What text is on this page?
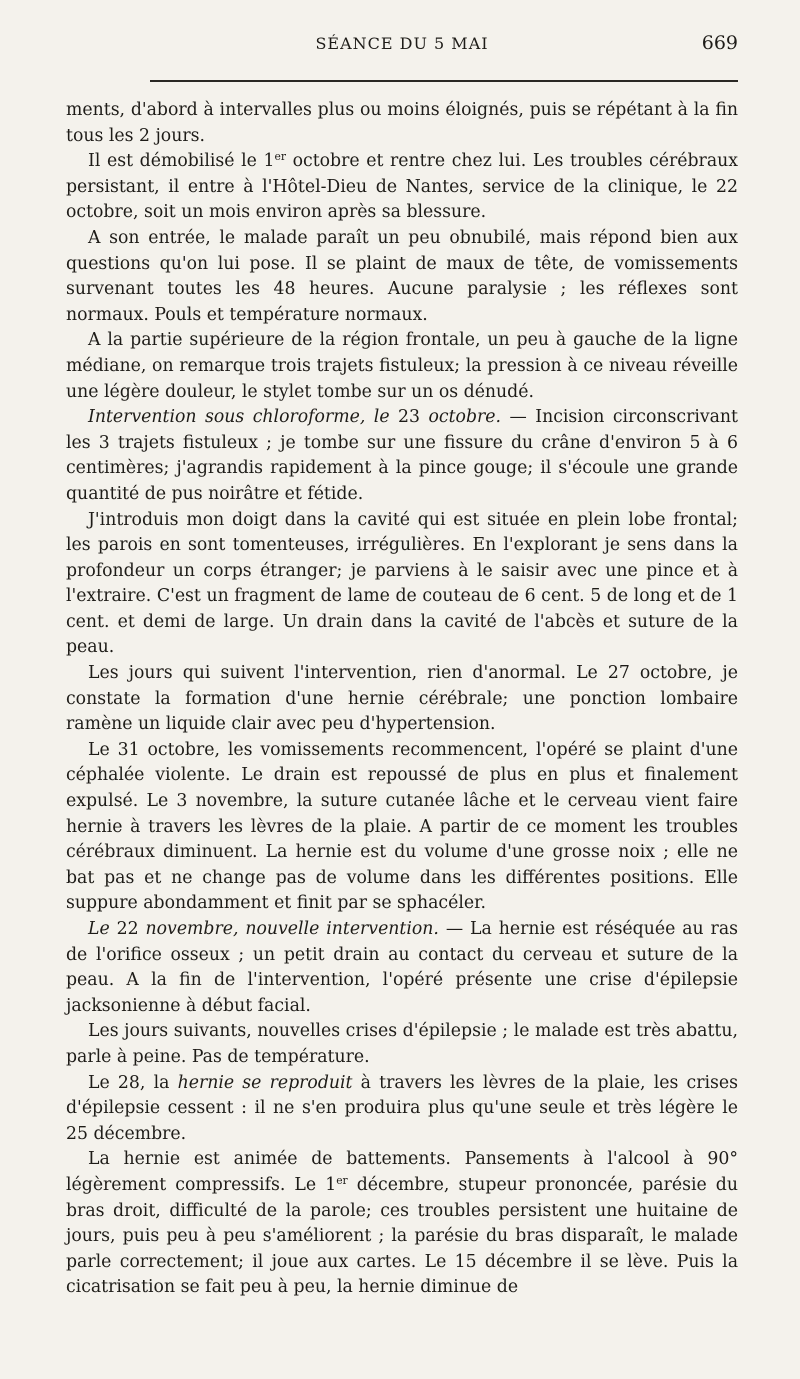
SÉANCE DU 5 MAI	669

ments, d'abord à intervalles plus ou moins éloignés, puis se répétant à la fin tous les 2 jours.

Il est démobilisé le 1er octobre et rentre chez lui. Les troubles cérébraux persistant, il entre à l'Hôtel-Dieu de Nantes, service de la clinique, le 22 octobre, soit un mois environ après sa blessure.

A son entrée, le malade paraît un peu obnubilé, mais répond bien aux questions qu'on lui pose. Il se plaint de maux de tête, de vomissements survenant toutes les 48 heures. Aucune paralysie ; les réflexes sont normaux. Pouls et température normaux.

A la partie supérieure de la région frontale, un peu à gauche de la ligne médiane, on remarque trois trajets fistuleux; la pression à ce niveau réveille une légère douleur, le stylet tombe sur un os dénudé.

Intervention sous chloroforme, le 23 octobre. — Incision circonscrivant les 3 trajets fistuleux ; je tombe sur une fissure du crâne d'environ 5 à 6 centimères; j'agrandis rapidement à la pince gouge; il s'écoule une grande quantité de pus noirâtre et fétide.

J'introduis mon doigt dans la cavité qui est située en plein lobe frontal; les parois en sont tomenteuses, irrégulières. En l'explorant je sens dans la profondeur un corps étranger; je parviens à le saisir avec une pince et à l'extraire. C'est un fragment de lame de couteau de 6 cent. 5 de long et de 1 cent. et demi de large. Un drain dans la cavité de l'abcès et suture de la peau.

Les jours qui suivent l'intervention, rien d'anormal. Le 27 octobre, je constate la formation d'une hernie cérébrale; une ponction lombaire ramène un liquide clair avec peu d'hypertension.

Le 31 octobre, les vomissements recommencent, l'opéré se plaint d'une céphalée violente. Le drain est repoussé de plus en plus et finalement expulsé. Le 3 novembre, la suture cutanée lâche et le cerveau vient faire hernie à travers les lèvres de la plaie. A partir de ce moment les troubles cérébraux diminuent. La hernie est du volume d'une grosse noix ; elle ne bat pas et ne change pas de volume dans les différentes positions. Elle suppure abondamment et finit par se sphacéler.

Le 22 novembre, nouvelle intervention. — La hernie est réséquée au ras de l'orifice osseux ; un petit drain au contact du cerveau et suture de la peau. A la fin de l'intervention, l'opéré présente une crise d'épilepsie jacksonienne à début facial.

Les jours suivants, nouvelles crises d'épilepsie ; le malade est très abattu, parle à peine. Pas de température.

Le 28, la hernie se reproduit à travers les lèvres de la plaie, les crises d'épilepsie cessent : il ne s'en produira plus qu'une seule et très légère le 25 décembre.

La hernie est animée de battements. Pansements à l'alcool à 90° légèrement compressifs. Le 1er décembre, stupeur prononcée, parésie du bras droit, difficulté de la parole; ces troubles persistent une huitaine de jours, puis peu à peu s'améliorent ; la parésie du bras disparaît, le malade parle correctement; il joue aux cartes. Le 15 décembre il se lève. Puis la cicatrisation se fait peu à peu, la hernie diminue de
